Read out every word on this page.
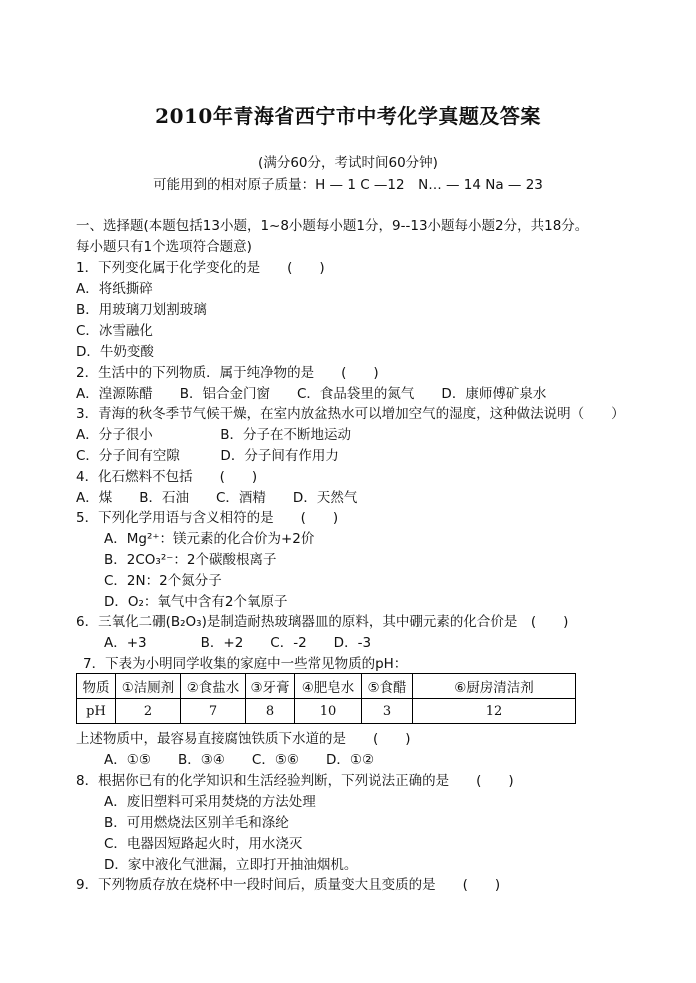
2010年青海省西宁市中考化学真题及答案
(满分60分，考试时间60分钟)
可能用到的相对原子质量：H — 1 C —12　N… — 14 Na — 23
一、选择题(本题包括13小题，1~8小题每小题1分，9--13小题每小题2分，共18分。
每小题只有1个选项符合题意)
1．下列变化属于化学变化的是　　(　　)
A．将纸撕碎
B．用玻璃刀划割玻璃
C．冰雪融化
D．牛奶变酸
2．生活中的下列物质．属于纯净物的是　　(　　)
A．湟源陈醋　　B．铝合金门窗　　C．食品袋里的氮气　　D．康师傅矿泉水
3．青海的秋冬季节气候干燥，在室内放盆热水可以增加空气的湿度，这种做法说明（　　）
A．分子很小　　　　　B．分子在不断地运动
C．分子间有空隙　　　D．分子间有作用力
4．化石燃料不包括　　(　　)
A．煤　　B．石油　　C．酒精　　D．天然气
5．下列化学用语与含义相符的是　　(　　)
A．Mg²⁺：镁元素的化合价为+2价
B．2CO₃²⁻：2个碳酸根离子
C．2N：2个氮分子
D．O₂：氧气中含有2个氧原子
6．三氧化二硼(B₂O₃)是制造耐热玻璃器皿的原料，其中硼元素的化合价是　(　　)
A．+3　　　　B．+2　　C．-2　　D．-3
7．下表为小明同学收集的家庭中一些常见物质的pH：
物质	①洁厕剂	②食盐水	③牙膏	④肥皂水	⑤食醋	⑥厨房清洁剂
pH	2	7	8	10	3	12
上述物质中，最容易直接腐蚀铁质下水道的是　　(　　)
A．①⑤　　B．③④　　C．⑤⑥　　D．①②
8．根据你已有的化学知识和生活经验判断，下列说法正确的是　　(　　)
A．废旧塑料可采用焚烧的方法处理
B．可用燃烧法区别羊毛和涤纶
C．电器因短路起火时，用水浇灭
D．家中液化气泄漏，立即打开抽油烟机。
9．下列物质存放在烧杯中一段时间后，质量变大且变质的是　　(　　)
